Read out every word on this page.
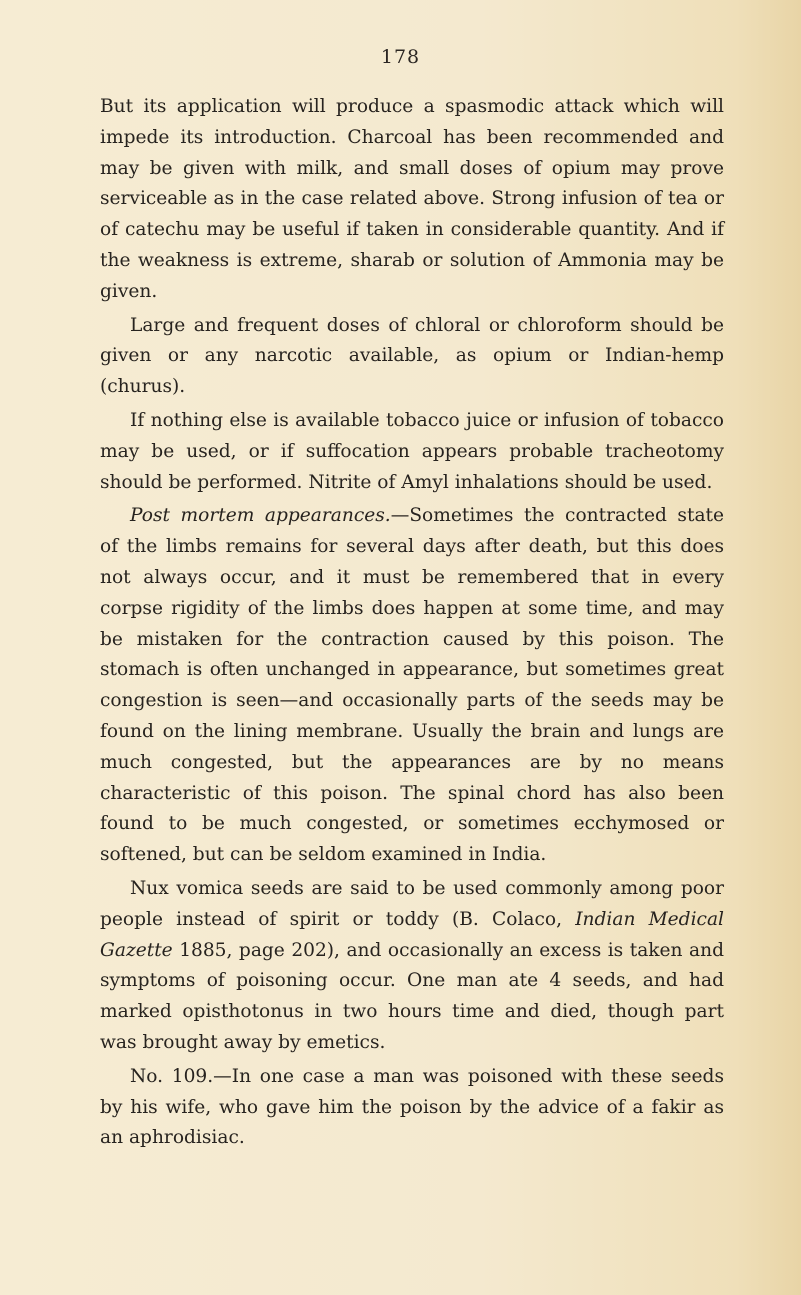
178

But its application will produce a spasmodic attack which will impede its introduction. Charcoal has been recommended and may be given with milk, and small doses of opium may prove serviceable as in the case related above. Strong infusion of tea or of catechu may be useful if taken in considerable quantity. And if the weakness is extreme, sharab or solution of Ammonia may be given.

Large and frequent doses of chloral or chloroform should be given or any narcotic available, as opium or Indian-hemp (churus).

If nothing else is available tobacco juice or infusion of tobacco may be used, or if suffocation appears probable tracheotomy should be performed. Nitrite of Amyl inhalations should be used.

Post mortem appearances.—Sometimes the contracted state of the limbs remains for several days after death, but this does not always occur, and it must be remembered that in every corpse rigidity of the limbs does happen at some time, and may be mistaken for the contraction caused by this poison. The stomach is often unchanged in appearance, but sometimes great congestion is seen—and occasionally parts of the seeds may be found on the lining membrane. Usually the brain and lungs are much congested, but the appearances are by no means characteristic of this poison. The spinal chord has also been found to be much congested, or sometimes ecchymosed or softened, but can be seldom examined in India.

Nux vomica seeds are said to be used commonly among poor people instead of spirit or toddy (B. Colaco, Indian Medical Gazette 1885, page 202), and occasionally an excess is taken and symptoms of poisoning occur. One man ate 4 seeds, and had marked opisthotonus in two hours time and died, though part was brought away by emetics.

No. 109.—In one case a man was poisoned with these seeds by his wife, who gave him the poison by the advice of a fakir as an aphrodisiac.
